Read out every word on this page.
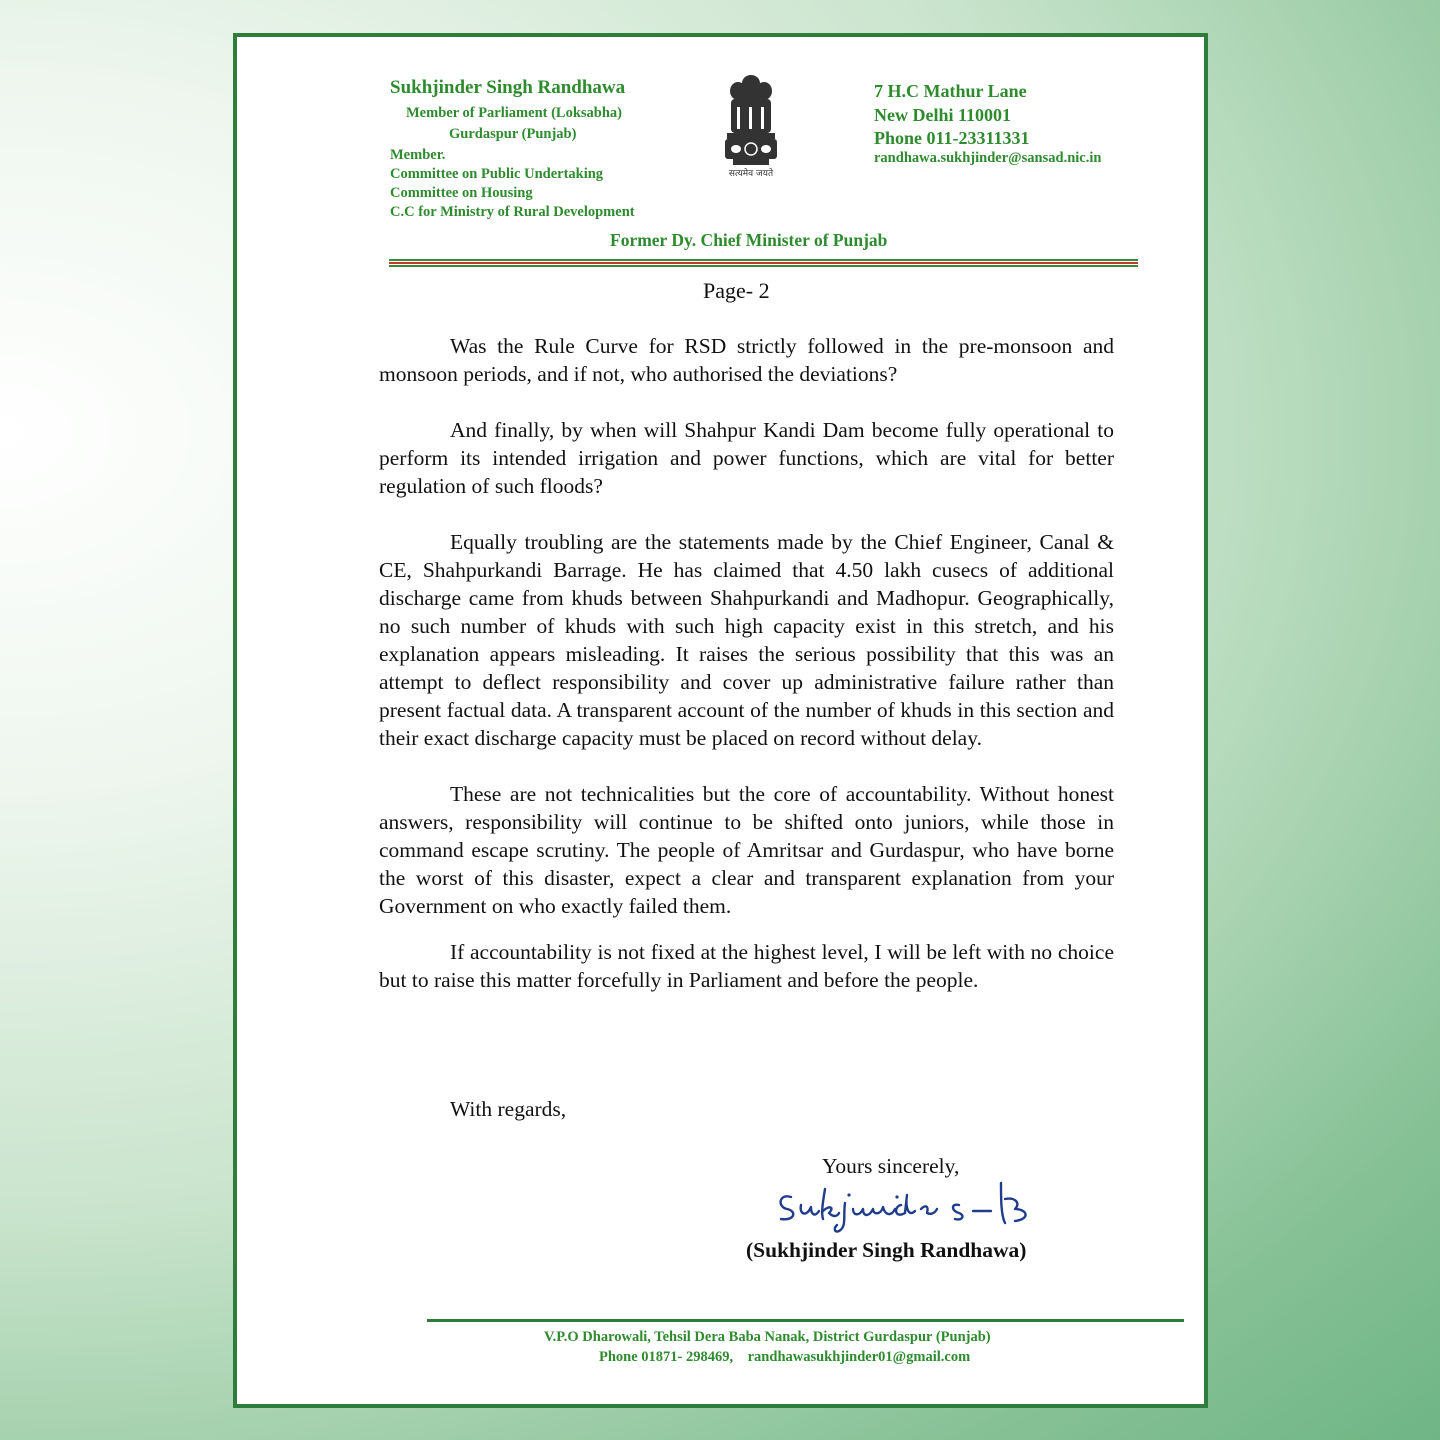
Sukhjinder Singh Randhawa
Member of Parliament (Loksabha)
Gurdaspur (Punjab)
Member.
Committee on Public Undertaking
Committee on Housing
C.C for Ministry of Rural Development
सत्यमेव जयते
7 H.C Mathur Lane
New Delhi 110001
Phone 011-23311331
randhawa.sukhjinder@sansad.nic.in
Former Dy. Chief Minister of Punjab
Page- 2

Was the Rule Curve for RSD strictly followed in the pre-monsoon and monsoon periods, and if not, who authorised the deviations?

And finally, by when will Shahpur Kandi Dam become fully operational to perform its intended irrigation and power functions, which are vital for better regulation of such floods?

Equally troubling are the statements made by the Chief Engineer, Canal & CE, Shahpurkandi Barrage. He has claimed that 4.50 lakh cusecs of additional discharge came from khuds between Shahpurkandi and Madhopur. Geographically, no such number of khuds with such high capacity exist in this stretch, and his explanation appears misleading. It raises the serious possibility that this was an attempt to deflect responsibility and cover up administrative failure rather than present factual data. A transparent account of the number of khuds in this section and their exact discharge capacity must be placed on record without delay.

These are not technicalities but the core of accountability. Without honest answers, responsibility will continue to be shifted onto juniors, while those in command escape scrutiny. The people of Amritsar and Gurdaspur, who have borne the worst of this disaster, expect a clear and transparent explanation from your Government on who exactly failed them.

If accountability is not fixed at the highest level, I will be left with no choice but to raise this matter forcefully in Parliament and before the people.

With regards,
Yours sincerely,
(Sukhjinder Singh Randhawa)
V.P.O Dharowali, Tehsil Dera Baba Nanak, District Gurdaspur (Punjab)
Phone 01871- 298469,    randhawasukhjinder01@gmail.com
